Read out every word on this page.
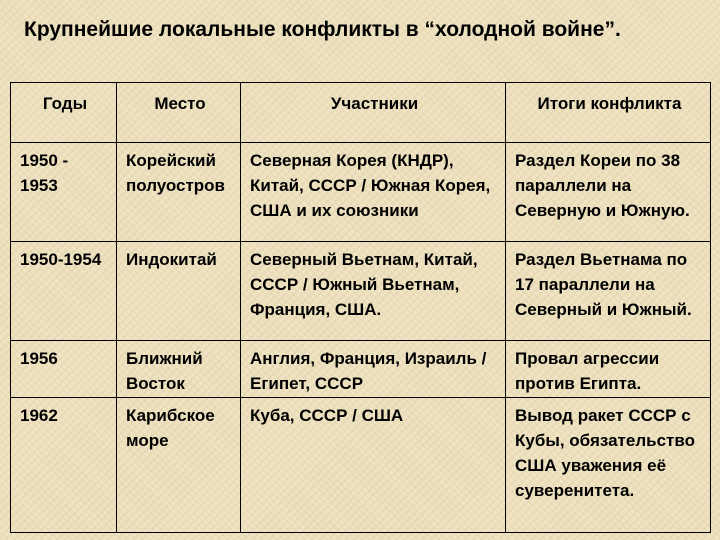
Крупнейшие локальные конфликты в “холодной войне”.
Годы	Место	Участники	Итоги конфликта
1950 - 1953	Корейский полуостров	Северная Корея (КНДР), Китай, СССР / Южная Корея, США и их союзники	Раздел Кореи по 38 параллели на Северную и Южную.
1950-1954	Индокитай	Северный Вьетнам, Китай, СССР / Южный Вьетнам, Франция, США.	Раздел Вьетнама по 17 параллели на Северный и Южный.
1956	Ближний Восток	Англия, Франция, Израиль / Египет, СССР	Провал агрессии против Египта.
1962	Карибское море	Куба, СССР / США	Вывод ракет СССР с Кубы, обязательство США уважения её суверенитета.
